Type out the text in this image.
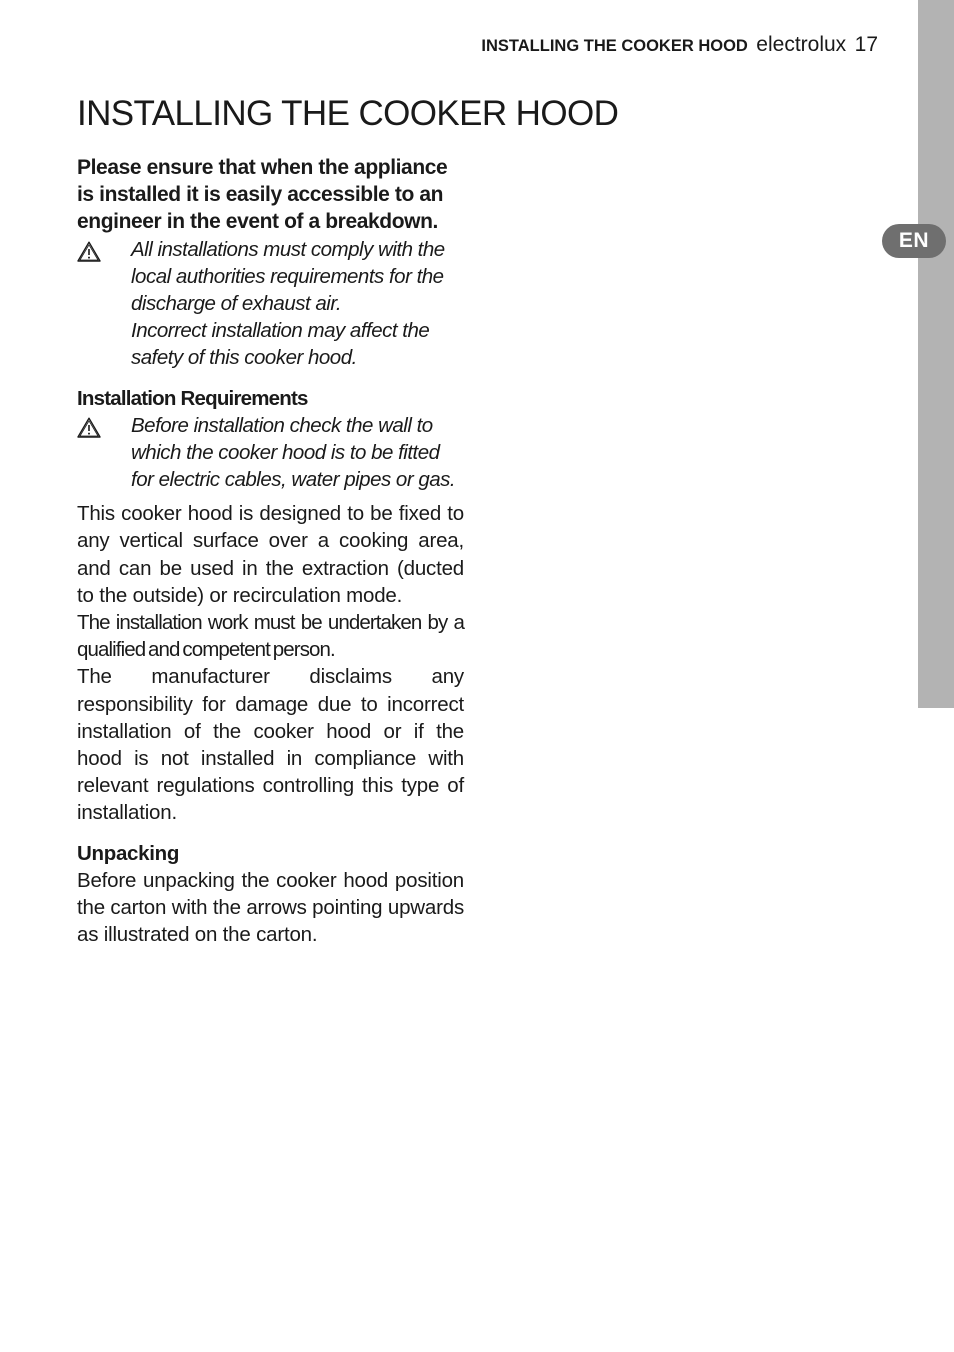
EN
INSTALLING THE COOKER HOOD electrolux 17
INSTALLING THE COOKER HOOD

Please ensure that when the appliance is installed it is easily accessible to an engineer in the event of a breakdown.

All installations must comply with the local authorities requirements for the discharge of exhaust air.

Incorrect installation may affect the safety of this cooker hood.

Installation Requirements

Before installation check the wall to which the cooker hood is to be fitted for electric cables, water pipes or gas.

This cooker hood is designed to be fixed to any vertical surface over a cooking area, and can be used in the extraction (ducted to the outside) or recirculation mode.

The installation work must be undertaken by a qualified and competent person.

The manufacturer disclaims any responsibility for damage due to incorrect installation of the cooker hood or if the hood is not installed in compliance with relevant regulations controlling this type of installation.

Unpacking

Before unpacking the cooker hood position the carton with the arrows pointing upwards as illustrated on the carton.
